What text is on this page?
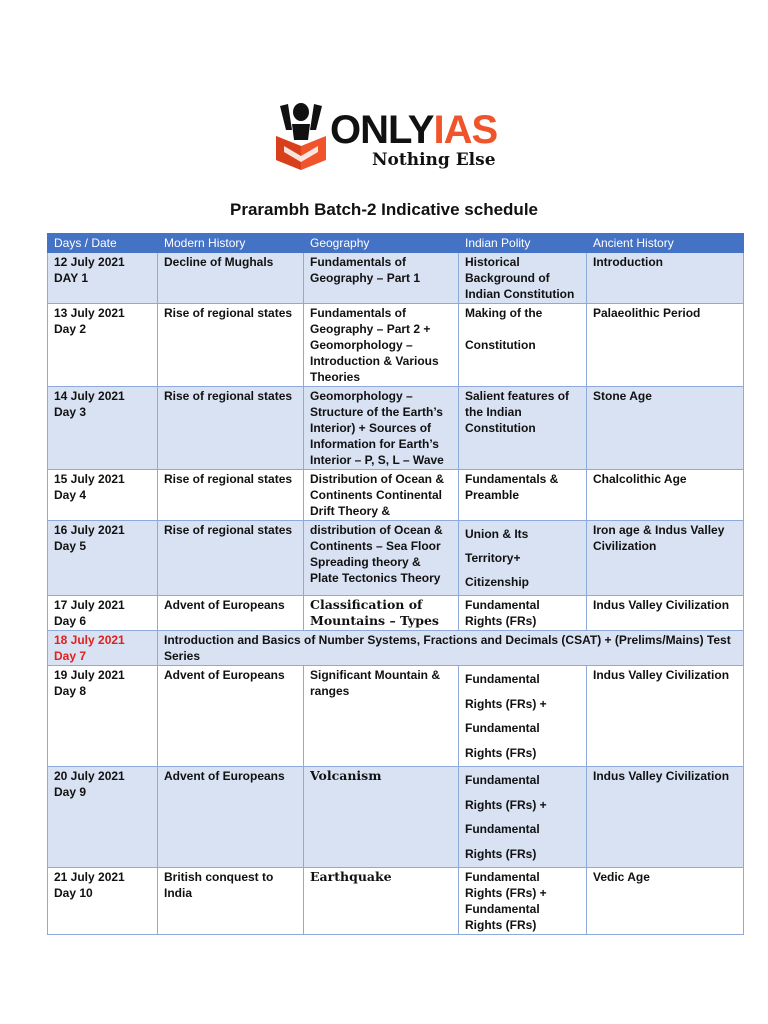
ONLYIAS
Nothing Else
Prarambh Batch-2 Indicative schedule
Days / Date	Modern History	Geography	Indian Polity	Ancient History
12 July 2021
DAY 1	Decline of Mughals	Fundamentals of Geography – Part 1	Historical Background of Indian Constitution	Introduction
13 July 2021
Day 2	Rise of regional states	Fundamentals of Geography – Part 2 + Geomorphology – Introduction & Various Theories	Making of the
Constitution	Palaeolithic Period
14 July 2021
Day 3	Rise of regional states	Geomorphology – Structure of the Earth’s Interior) + Sources of Information for Earth’s Interior – P, S, L – Wave	Salient features of the Indian Constitution	Stone Age
15 July 2021
Day 4	Rise of regional states	Distribution of Ocean & Continents Continental Drift Theory &	Fundamentals & Preamble	Chalcolithic Age
16 July 2021
Day 5	Rise of regional states	distribution of Ocean & Continents – Sea Floor Spreading theory & Plate Tectonics Theory	Union & Its
Territory+
Citizenship	Iron age & Indus Valley Civilization
17 July 2021
Day 6	Advent of Europeans	Classification of Mountains – Types	Fundamental Rights (FRs)	Indus Valley Civilization
18 July 2021
Day 7	Introduction and Basics of Number Systems, Fractions and Decimals (CSAT) + (Prelims/Mains) Test Series			
19 July 2021
Day 8	Advent of Europeans	Significant Mountain & ranges	Fundamental
Rights (FRs) +
Fundamental
Rights (FRs)	Indus Valley Civilization
20 July 2021
Day 9	Advent of Europeans	Volcanism	Fundamental
Rights (FRs) +
Fundamental
Rights (FRs)	Indus Valley Civilization
21 July 2021
Day 10	British conquest to India	Earthquake	Fundamental Rights (FRs) + Fundamental Rights (FRs)	Vedic Age
